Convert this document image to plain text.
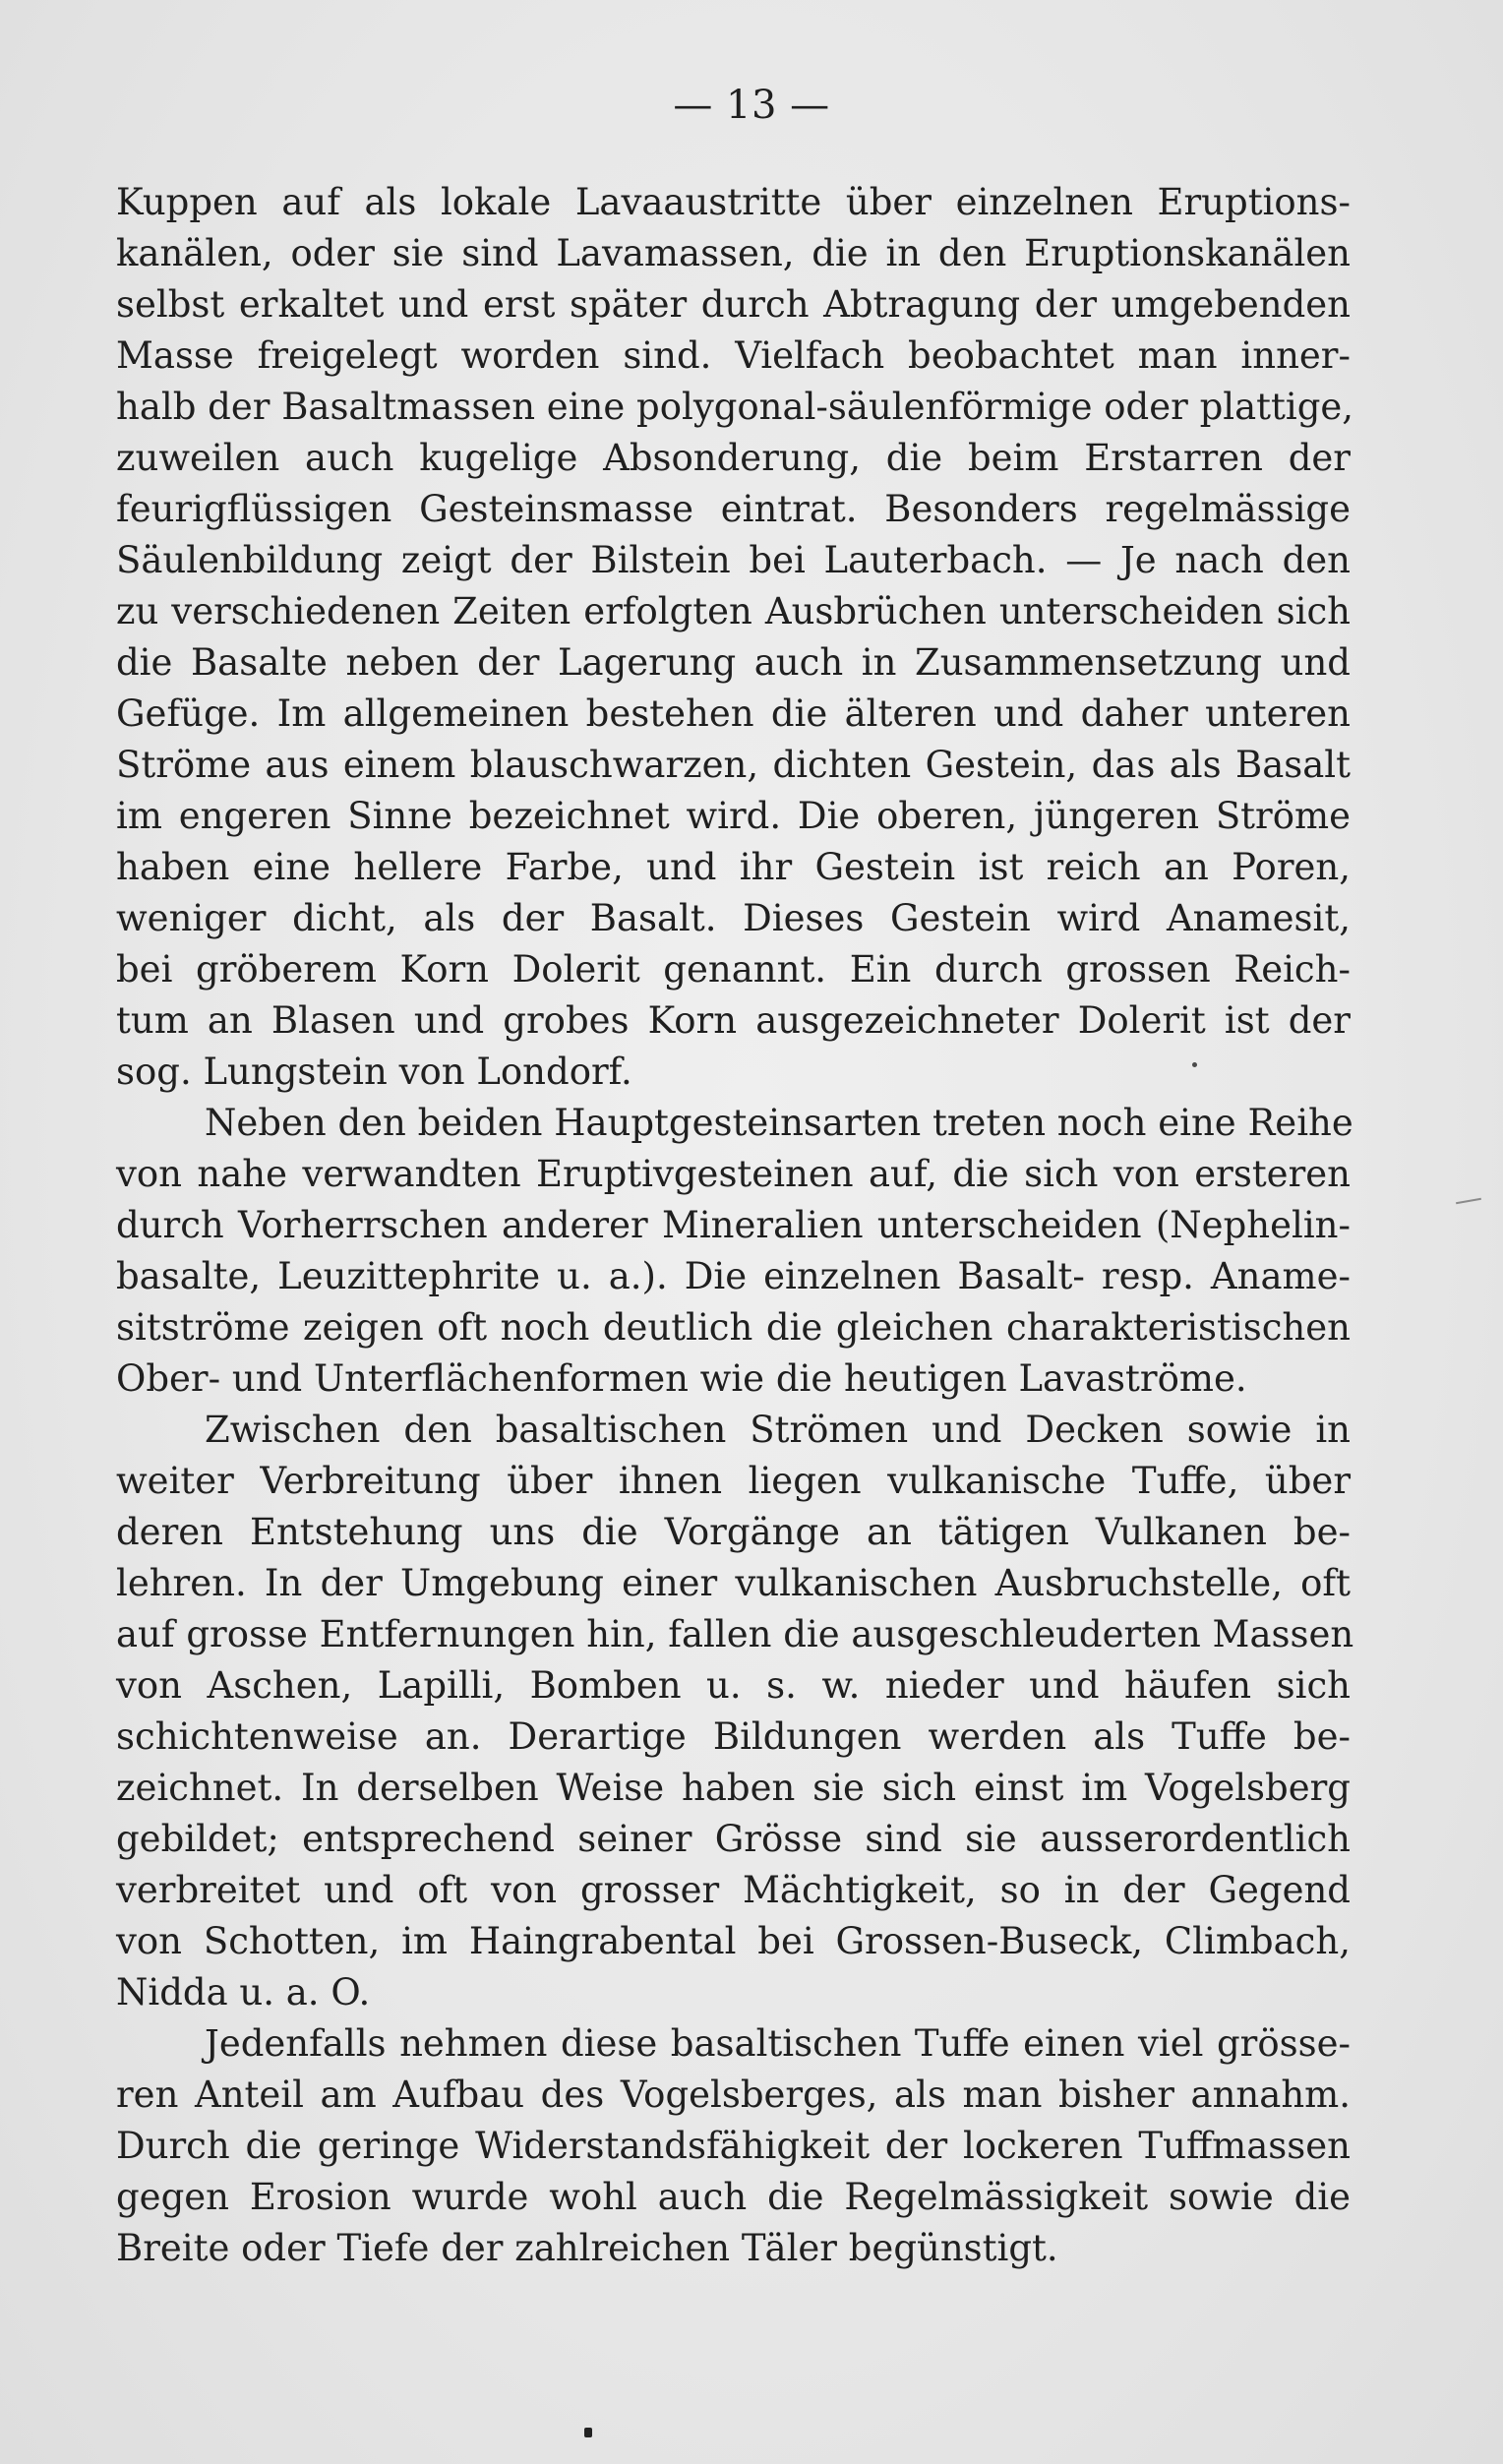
— 13 —

Kuppen auf als lokale Lavaaustritte über einzelnen Eruptions-

kanälen, oder sie sind Lavamassen, die in den Eruptionskanälen

selbst erkaltet und erst später durch Abtragung der umgebenden

Masse freigelegt worden sind. Vielfach beobachtet man inner-

halb der Basaltmassen eine polygonal-säulenförmige oder plattige,

zuweilen auch kugelige Absonderung, die beim Erstarren der

feurigflüssigen Gesteinsmasse eintrat. Besonders regelmässige

Säulenbildung zeigt der Bilstein bei Lauterbach. — Je nach den

zu verschiedenen Zeiten erfolgten Ausbrüchen unterscheiden sich

die Basalte neben der Lagerung auch in Zusammensetzung und

Gefüge. Im allgemeinen bestehen die älteren und daher unteren

Ströme aus einem blauschwarzen, dichten Gestein, das als Basalt

im engeren Sinne bezeichnet wird. Die oberen, jüngeren Ströme

haben eine hellere Farbe, und ihr Gestein ist reich an Poren,

weniger dicht, als der Basalt. Dieses Gestein wird Anamesit,

bei gröberem Korn Dolerit genannt. Ein durch grossen Reich-

tum an Blasen und grobes Korn ausgezeichneter Dolerit ist der

sog. Lungstein von Londorf.

Neben den beiden Hauptgesteinsarten treten noch eine Reihe

von nahe verwandten Eruptivgesteinen auf, die sich von ersteren

durch Vorherrschen anderer Mineralien unterscheiden (Nephelin-

basalte, Leuzittephrite u. a.). Die einzelnen Basalt- resp. Aname-

sitströme zeigen oft noch deutlich die gleichen charakteristischen

Ober- und Unterflächenformen wie die heutigen Lavaströme.

Zwischen den basaltischen Strömen und Decken sowie in

weiter Verbreitung über ihnen liegen vulkanische Tuffe, über

deren Entstehung uns die Vorgänge an tätigen Vulkanen be-

lehren. In der Umgebung einer vulkanischen Ausbruchstelle, oft

auf grosse Entfernungen hin, fallen die ausgeschleuderten Massen

von Aschen, Lapilli, Bomben u. s. w. nieder und häufen sich

schichtenweise an. Derartige Bildungen werden als Tuffe be-

zeichnet. In derselben Weise haben sie sich einst im Vogelsberg

gebildet; entsprechend seiner Grösse sind sie ausserordentlich

verbreitet und oft von grosser Mächtigkeit, so in der Gegend

von Schotten, im Haingrabental bei Grossen-Buseck, Climbach,

Nidda u. a. O.

Jedenfalls nehmen diese basaltischen Tuffe einen viel grösse-

ren Anteil am Aufbau des Vogelsberges, als man bisher annahm.

Durch die geringe Widerstandsfähigkeit der lockeren Tuffmassen

gegen Erosion wurde wohl auch die Regelmässigkeit sowie die

Breite oder Tiefe der zahlreichen Täler begünstigt.
